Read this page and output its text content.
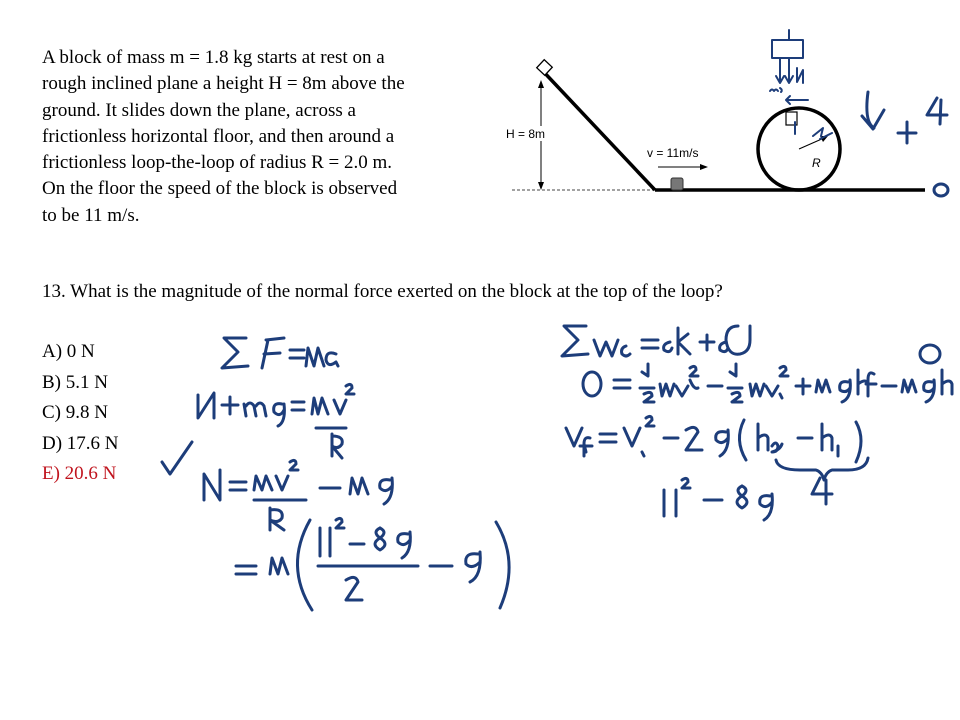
A block of mass m = 1.8 kg starts at rest on a
rough inclined plane a height H = 8m above the
ground. It slides down the plane, across a
frictionless horizontal floor, and then around a
frictionless loop-the-loop of radius R = 2.0 m.
On the floor the speed of the block is observed
to be 11 m/s.

13. What is the magnitude of the normal force exerted on the block at the top of the loop?

A) 0 N
B) 5.1 N
C) 9.8 N
D) 17.6 N
E) 20.6 N
H = 8m
v = 11m/s
R
